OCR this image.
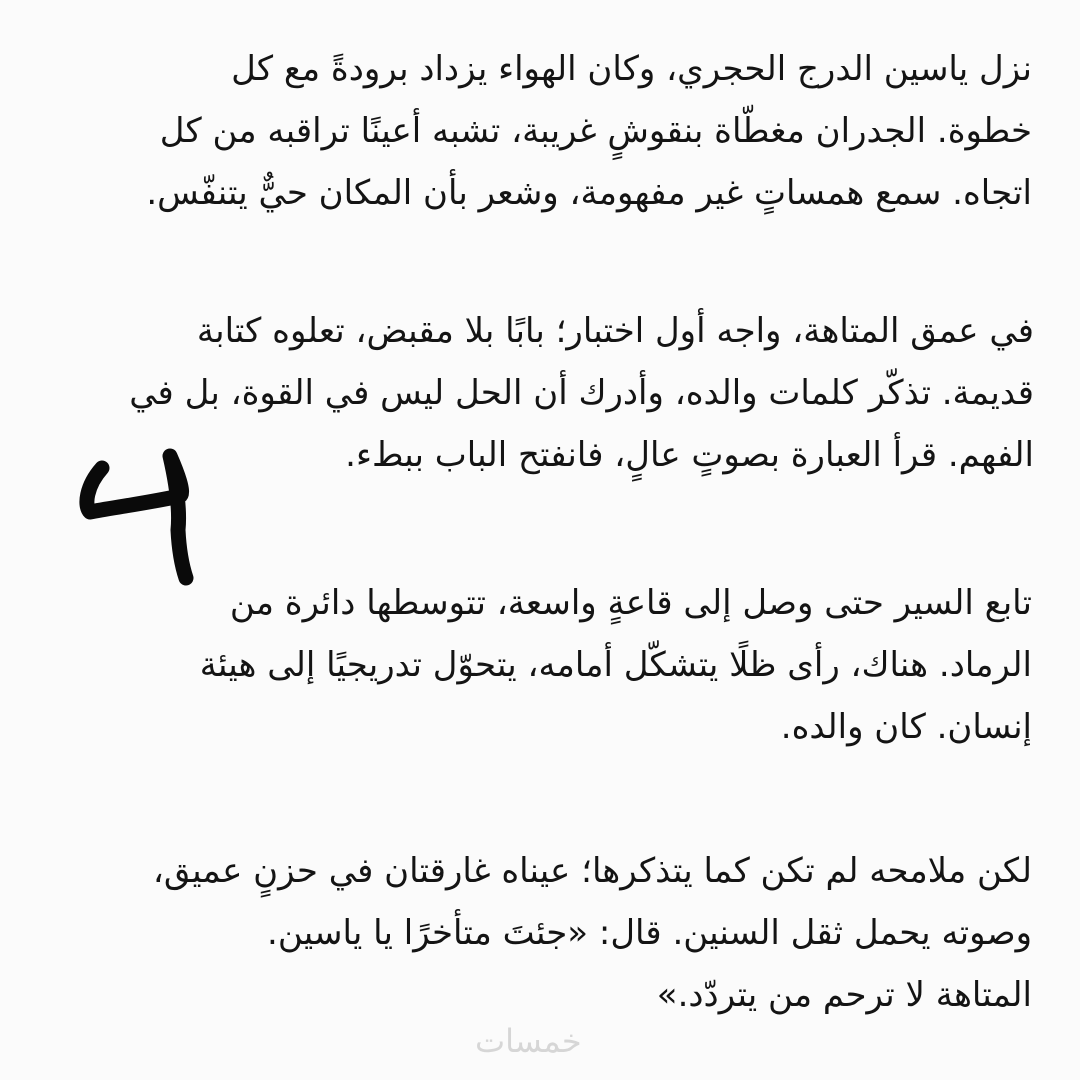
نزل ياسين الدرج الحجري، وكان الهواء يزداد برودةً مع كل
خطوة. الجدران مغطّاة بنقوشٍ غريبة، تشبه أعينًا تراقبه من كل
اتجاه. سمع همساتٍ غير مفهومة، وشعر بأن المكان حيٌّ يتنفّس.
في عمق المتاهة، واجه أول اختبار؛ بابًا بلا مقبض، تعلوه كتابة
قديمة. تذكّر كلمات والده، وأدرك أن الحل ليس في القوة، بل في
الفهم. قرأ العبارة بصوتٍ عالٍ، فانفتح الباب ببطء.
تابع السير حتى وصل إلى قاعةٍ واسعة، تتوسطها دائرة من
الرماد. هناك، رأى ظلًا يتشكّل أمامه، يتحوّل تدريجيًا إلى هيئة
إنسان. كان والده.
لكن ملامحه لم تكن كما يتذكرها؛ عيناه غارقتان في حزنٍ عميق،
وصوته يحمل ثقل السنين. قال: «جئتَ متأخرًا يا ياسين.
المتاهة لا ترحم من يتردّد.»
خمسات
